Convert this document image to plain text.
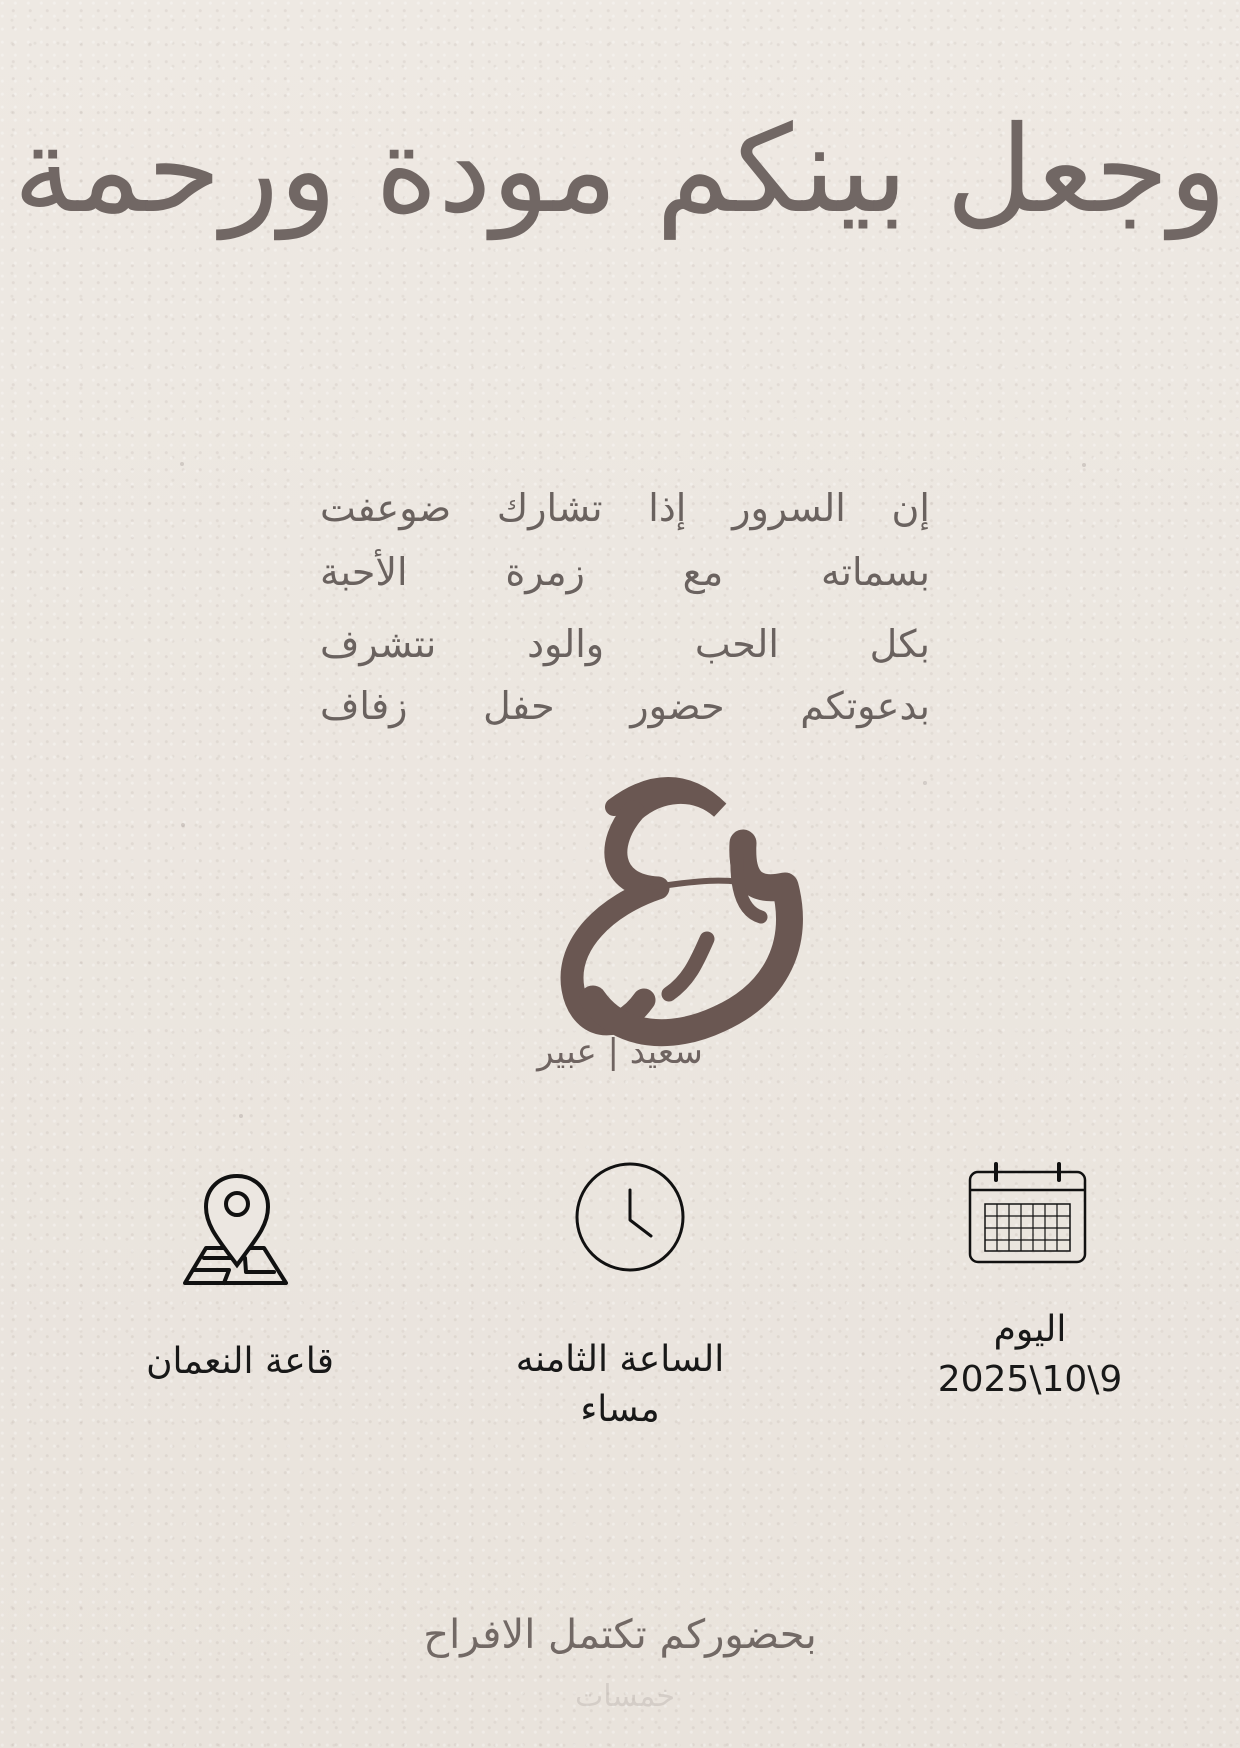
وجعل بينكم مودة ورحمة
إن السرور إذا تشارك ضوعفت
بسماته مع زمرة الأحبة
بكل الحب والود نتشرف
بدعوتكم حضور حفل زفاف
سعيد | عبير
قاعة النعمان	الساعة الثامنه
مساء
اليوم
2025\10\9
بحضوركم تكتمل الافراح
خمسات
